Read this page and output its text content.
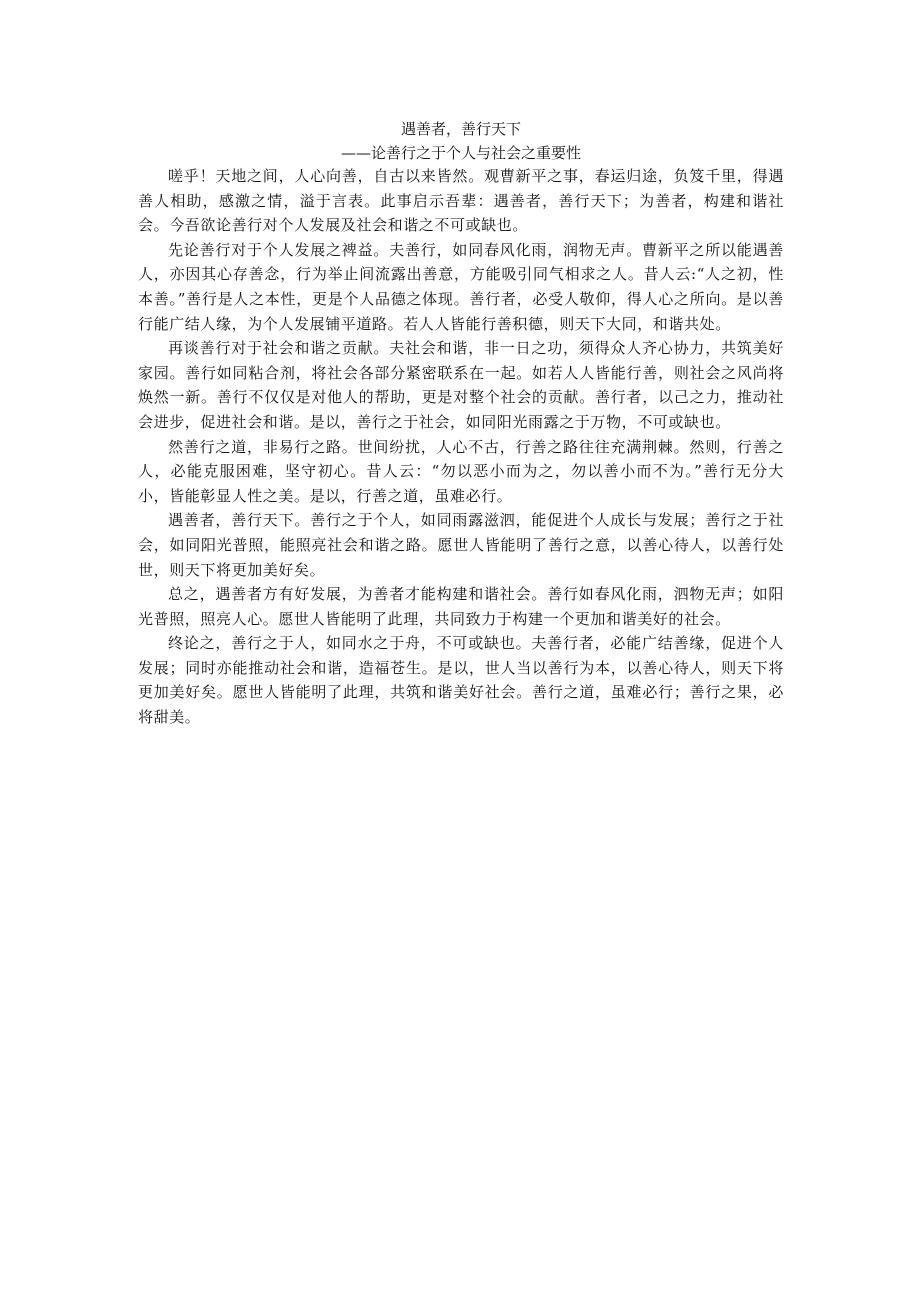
遇善者，善行天下
——论善行之于个人与社会之重要性

嗟乎！天地之间，人心向善，自古以来皆然。观曹新平之事，春运归途，负笈千里，得遇善人相助，感激之情，溢于言表。此事启示吾辈：遇善者，善行天下；为善者，构建和谐社会。今吾欲论善行对个人发展及社会和谐之不可或缺也。

先论善行对于个人发展之裨益。夫善行，如同春风化雨，润物无声。曹新平之所以能遇善人，亦因其心存善念，行为举止间流露出善意，方能吸引同气相求之人。昔人云:“人之初，性本善。”善行是人之本性，更是个人品德之体现。善行者，必受人敬仰，得人心之所向。是以善行能广结人缘，为个人发展铺平道路。若人人皆能行善积德，则天下大同，和谐共处。

再谈善行对于社会和谐之贡献。夫社会和谐，非一日之功，须得众人齐心协力，共筑美好家园。善行如同粘合剂，将社会各部分紧密联系在一起。如若人人皆能行善，则社会之风尚将焕然一新。善行不仅仅是对他人的帮助，更是对整个社会的贡献。善行者，以己之力，推动社会进步，促进社会和谐。是以，善行之于社会，如同阳光雨露之于万物，不可或缺也。

然善行之道，非易行之路。世间纷扰，人心不古，行善之路往往充满荆棘。然则，行善之人，必能克服困难，坚守初心。昔人云：“勿以恶小而为之，勿以善小而不为。”善行无分大小，皆能彰显人性之美。是以，行善之道，虽难必行。

遇善者，善行天下。善行之于个人，如同雨露滋泗，能促进个人成长与发展；善行之于社会，如同阳光普照，能照亮社会和谐之路。愿世人皆能明了善行之意，以善心待人，以善行处世，则天下将更加美好矣。

总之，遇善者方有好发展，为善者才能构建和谐社会。善行如春风化雨，泗物无声；如阳光普照，照亮人心。愿世人皆能明了此理，共同致力于构建一个更加和谐美好的社会。

终论之，善行之于人，如同水之于舟，不可或缺也。夫善行者，必能广结善缘，促进个人发展；同时亦能推动社会和谐，造福苍生。是以，世人当以善行为本，以善心待人，则天下将更加美好矣。愿世人皆能明了此理，共筑和谐美好社会。善行之道，虽难必行；善行之果，必将甜美。
